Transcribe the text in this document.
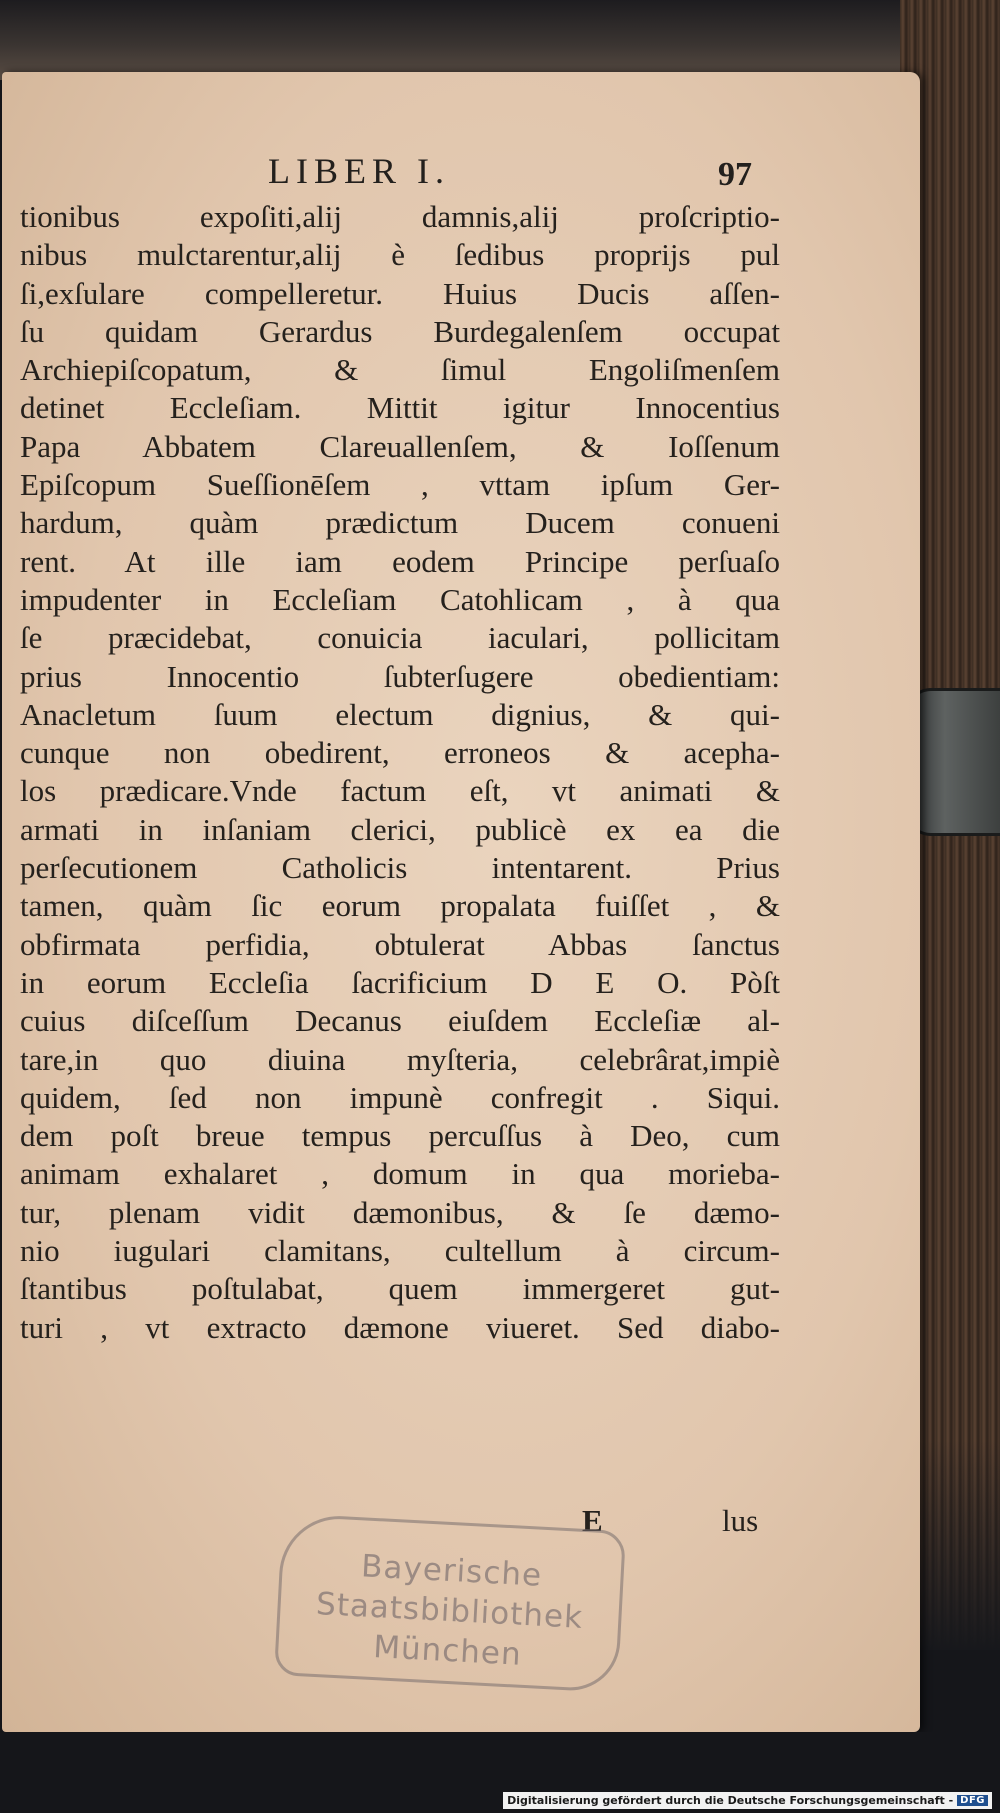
LIBER I.	97
tionibus expoſiti,alij damnis,alij proſcriptio-
nibus mulctarentur,alij è ſedibus proprijs pul
ſi,exſulare compelleretur. Huius Ducis aſſen-
ſu quidam Gerardus Burdegalenſem occupat
Archiepiſcopatum, & ſimul Engoliſmenſem
detinet Eccleſiam. Mittit igitur Innocentius
Papa Abbatem Clareuallenſem, & Ioſſenum
Epiſcopum Sueſſionēſem , vttam ipſum Ger-
hardum, quàm prædictum Ducem conueni
rent. At ille iam eodem Principe perſuaſo
impudenter in Eccleſiam Catohlicam , à qua
ſe præcidebat, conuicia iaculari, pollicitam
prius Innocentio ſubterſugere obedientiam:
Anacletum ſuum electum dignius, & qui-
cunque non obedirent, erroneos & acepha-
los prædicare.Vnde factum eſt, vt animati &
armati in inſaniam clerici, publicè ex ea die
perſecutionem Catholicis intentarent. Prius
tamen, quàm ſic eorum propalata fuiſſet , &
obfirmata perfidia, obtulerat Abbas ſanctus
in eorum Eccleſia ſacrificium D E O. Pòſt
cuius diſceſſum Decanus eiuſdem Eccleſiæ al-
tare,in quo diuina myſteria, celebrârat,impiè
quidem, ſed non impunè confregit . Siqui.
dem poſt breue tempus percuſſus à Deo, cum
animam exhalaret , domum in qua morieba-
tur, plenam vidit dæmonibus, & ſe dæmo-
nio iugulari clamitans, cultellum à circum-
ſtantibus poſtulabat, quem immergeret gut-
turi , vt extracto dæmone viueret. Sed diabo-
E	lus
Bayerische
Staatsbibliothek
München
Digitalisierung gefördert durch die Deutsche Forschungsgemeinschaft - DFG
